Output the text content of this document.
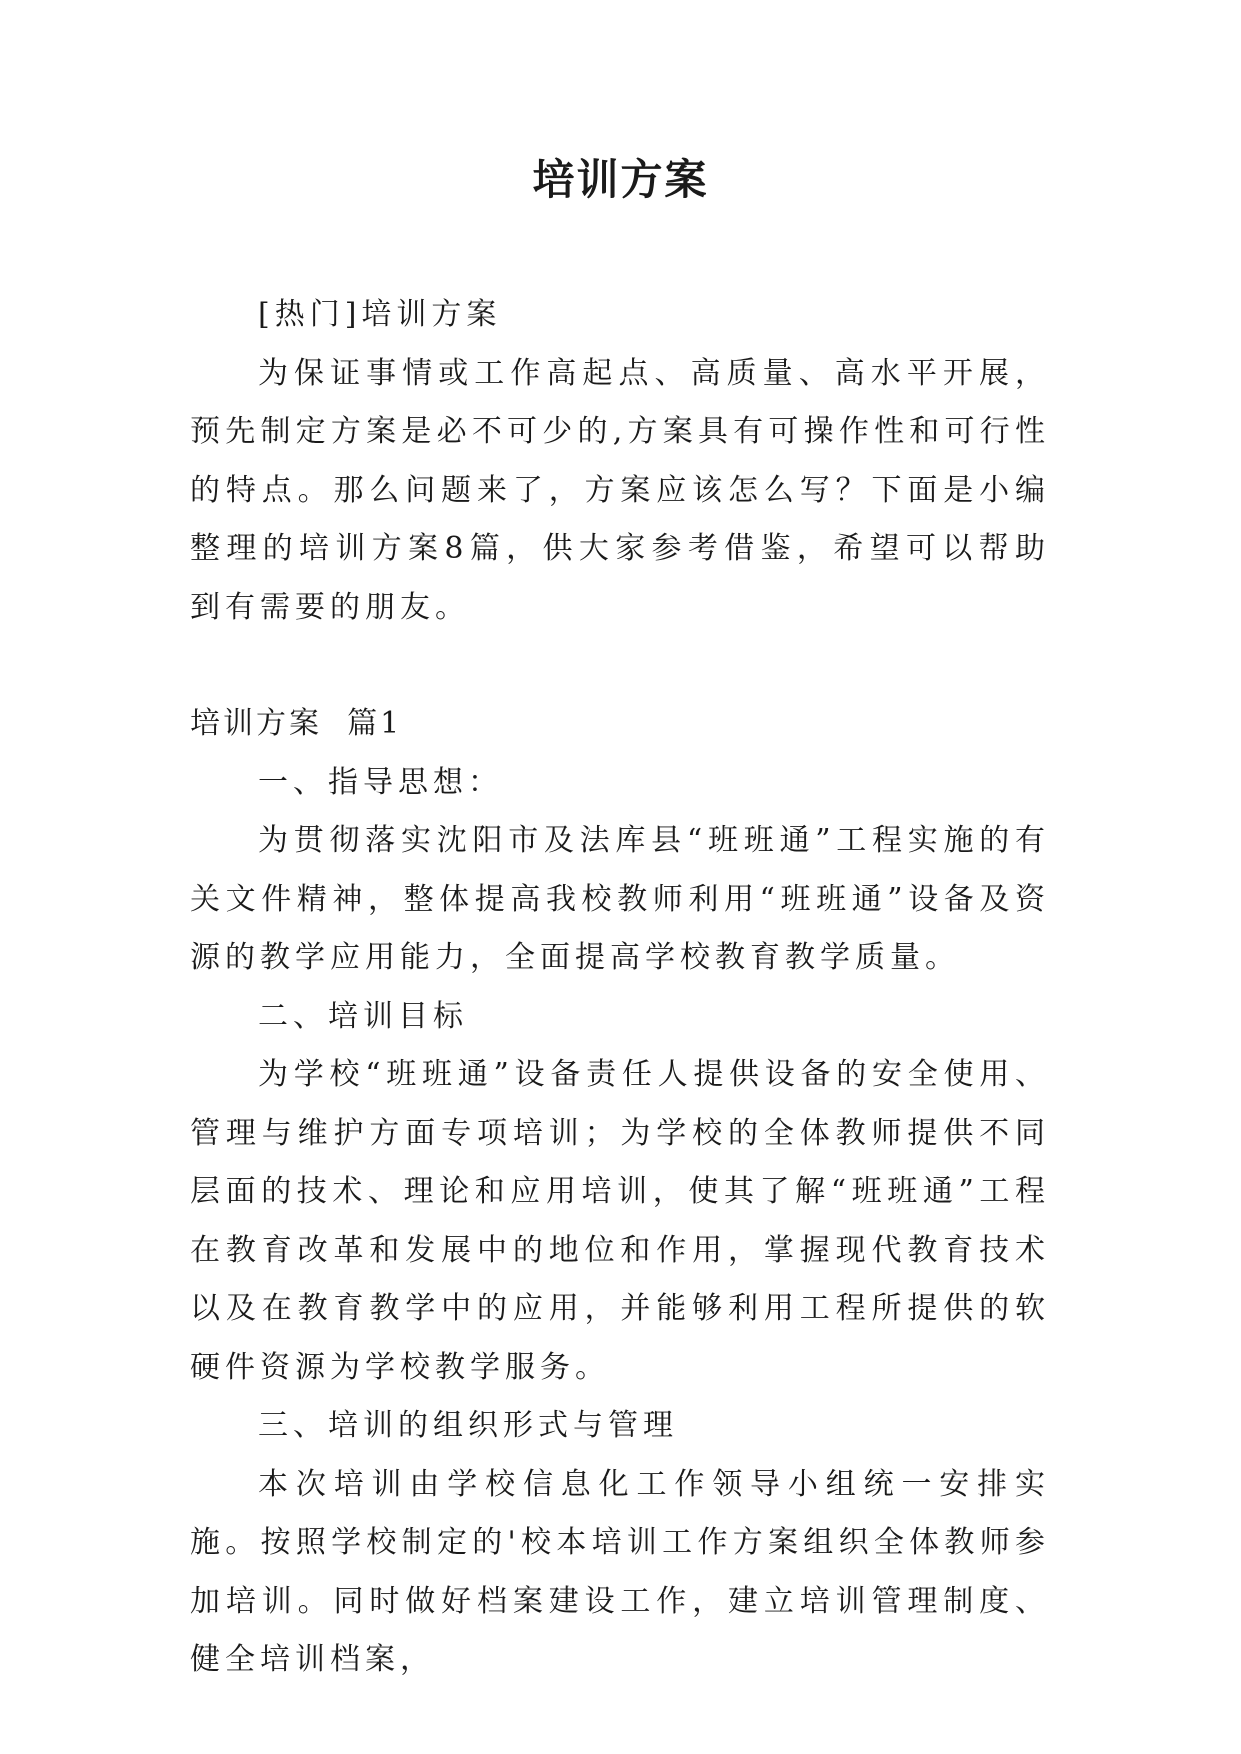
培训方案

[热门]培训方案

为保证事情或工作高起点、高质量、高水平开展，预先制定方案是必不可少的,方案具有可操作性和可行性的特点。那么问题来了，方案应该怎么写？下面是小编整理的培训方案8篇，供大家参考借鉴，希望可以帮助到有需要的朋友。

培训方案  篇1

一、指导思想：

为贯彻落实沈阳市及法库县“班班通”工程实施的有关文件精神，整体提高我校教师利用“班班通”设备及资源的教学应用能力，全面提高学校教育教学质量。

二、培训目标

为学校“班班通”设备责任人提供设备的安全使用、管理与维护方面专项培训；为学校的全体教师提供不同层面的技术、理论和应用培训，使其了解“班班通”工程在教育改革和发展中的地位和作用，掌握现代教育技术以及在教育教学中的应用，并能够利用工程所提供的软硬件资源为学校教学服务。

三、培训的组织形式与管理

本次培训由学校信息化工作领导小组统一安排实施。按照学校制定的'校本培训工作方案组织全体教师参加培训。同时做好档案建设工作，建立培训管理制度、健全培训档案，
